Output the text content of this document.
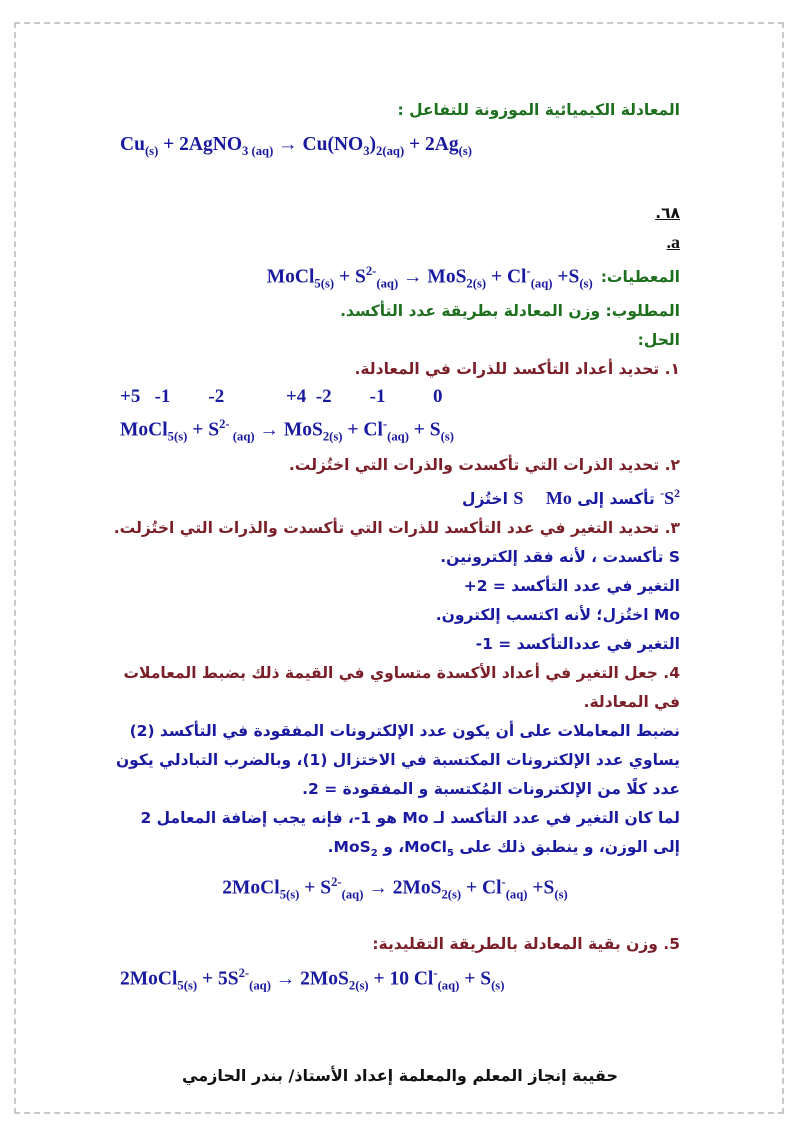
المعادلة الكيميائية الموزونة للتفاعل :
$Cu_{(s)}$ + 2AgNO$_{3 (aq)}$ → $Cu(NO_3)_{2(aq)} + 2Ag_{(s)}$
٦٨.
a.
المعطيات:
MoCl$_{5(s)}$ + $S^{2-}_{(aq)} \to MoS_{2(s)} + Cl^-_{(aq)} +S_{(s)}$
المطلوب: وزن المعادلة بطريقة عدد التأكسد.
الحل:
١. تحديد أعداد التأكسد للذرات في المعادلة.
+5   -1        -2             +4  -2        -1          0
MoCl$_{5(s)}$ + $S^{2-}$ $_{(aq)} \to MoS_{2(s)} + Cl^-_{(aq)} + S_{(s)}$
٢. تحديد الذرات التي تأكسدت والذرات التي اختُزلت.
$S^{2-}$ تأكسد إلى S     Mo اختُزل
٣. تحديد التغير في عدد التأكسد للذرات التي تأكسدت والذرات التي اختُزلت.
S تأكسدت ، لأنه فقد إلكترونين.
التغير في عدد التأكسد = 2+
Mo اختُزل؛ لأنه اكتسب إلكترون.
التغير في عددالتأكسد = 1-
4. جعل التغير في أعداد الأكسدة متساوي في القيمة ذلك بضبط المعاملات في المعادلة.
نضبط المعاملات على أن يكون عدد الإلكترونات المفقودة في التأكسد (2) يساوي عدد الإلكترونات المكتسبة في الاختزال (1)، وبالضرب التبادلي يكون عدد كلًا من الإلكترونات المُكتسبة و المفقودة = 2.
لما كان التغير في عدد التأكسد لـ Mo هو 1-، فإنه يجب إضافة المعامل 2 إلى الوزن، و ينطبق ذلك على MoCl$_5$، و MoS$_2$.
2MoCl$_{5(s)}$ + $S^{2-}_{(aq)} \to 2MoS_{2(s)} + Cl^-_{(aq)} +S_{(s)}$
5. وزن بقية المعادلة بالطريقة التقليدية:
2MoCl$_{5(s)}$ + $5S^{2-}_{(aq)} \to 2MoS_{2(s)} + 10$ $Cl^-_{(aq)} + S_{(s)}$
حقيبة إنجاز المعلم والمعلمة إعداد الأستاذ/ بندر الحازمي
